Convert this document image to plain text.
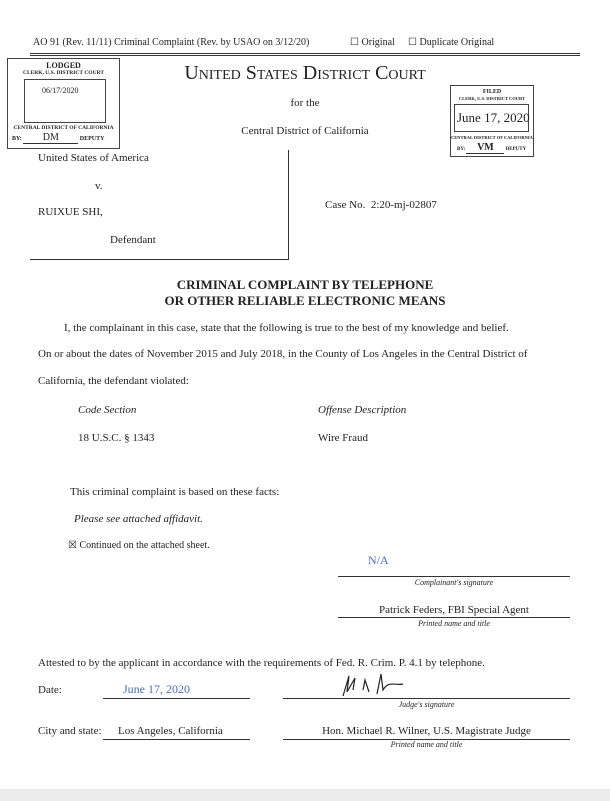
AO 91 (Rev. 11/11) Criminal Complaint (Rev. by USAO on 3/12/20)	☐ Original ☐ Duplicate Original
LODGED
CLERK, U.S. DISTRICT COURT
06/17/2020
CENTRAL DISTRICT OF CALIFORNIA
BY: DM	DEPUTY
United States District Court
for the
Central District of California
FILED
CLERK, U.S. DISTRICT COURT
June 17, 2020
CENTRAL DISTRICT OF CALIFORNIA
BY: VM DEPUTY
United States of America
v.
RUIXUE SHI,
Defendant
Case No. 2:20-mj-02807
CRIMINAL COMPLAINT BY TELEPHONE
OR OTHER RELIABLE ELECTRONIC MEANS
I, the complainant in this case, state that the following is true to the best of my knowledge and belief.
On or about the dates of November 2015 and July 2018, in the County of Los Angeles in the Central District of
California, the defendant violated:
Code Section	Offense Description
18 U.S.C. § 1343	Wire Fraud
This criminal complaint is based on these facts:
Please see attached affidavit.
☒ Continued on the attached sheet.
N/A
Complainant's signature
Patrick Feders, FBI Special Agent
Printed name and title
Attested to by the applicant in accordance with the requirements of Fed. R. Crim. P. 4.1 by telephone.
Date:	June 17, 2020
Judge's signature
City and state: Los Angeles, California	Hon. Michael R. Wilner, U.S. Magistrate Judge
Printed name and title
